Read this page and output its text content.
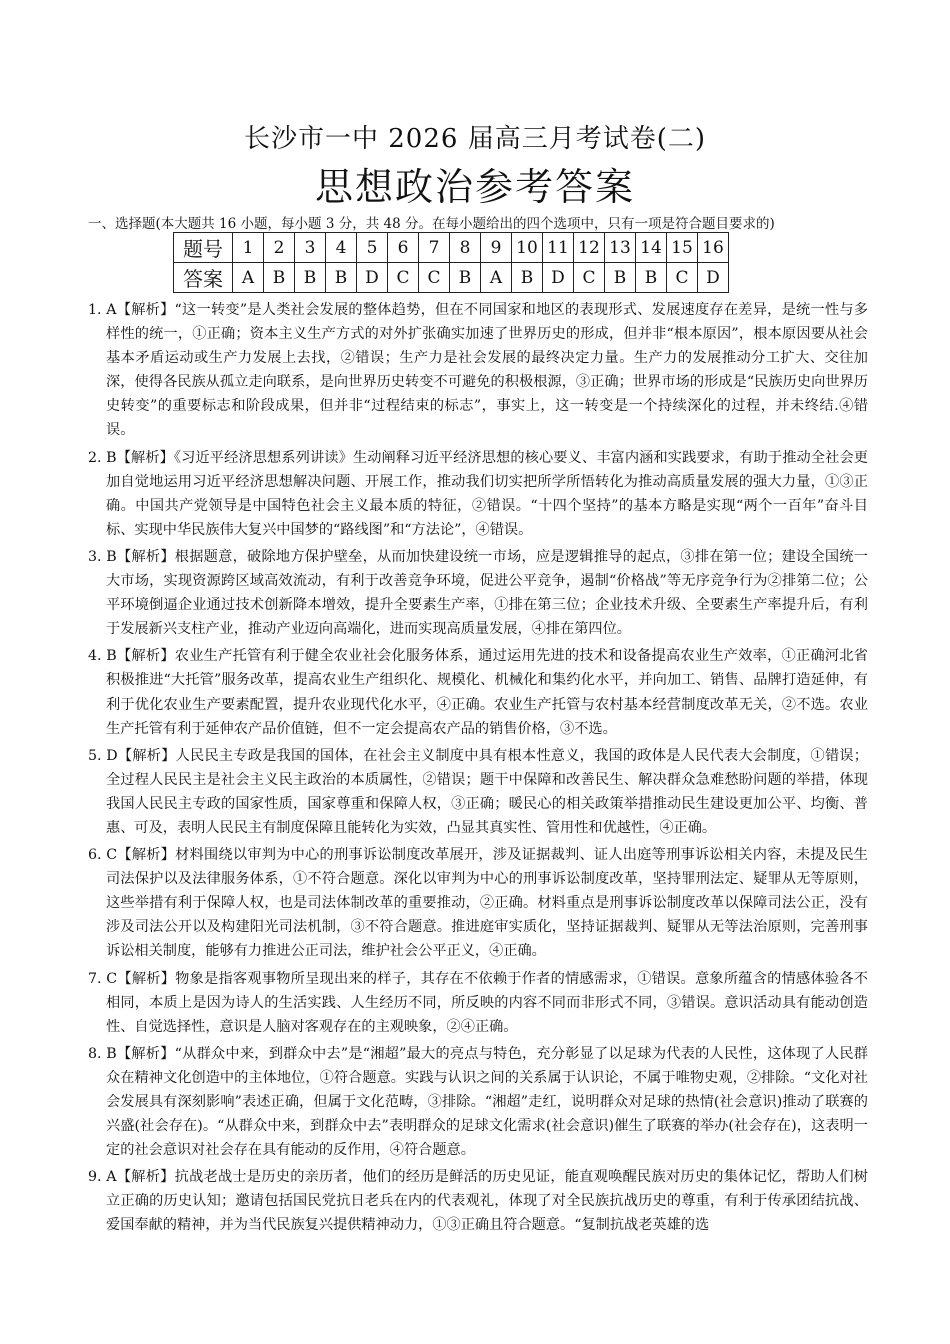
长沙市一中 2026 届高三月考试卷(二)
思想政治参考答案
一、选择题(本大题共 16 小题，每小题 3 分，共 48 分。在每小题给出的四个选项中，只有一项是符合题目要求的)
题号	1	2	3	4	5	6	7	8	9	10	11	12	13	14	15	16
答案	A	B	B	B	D	C	C	B	A	B	D	C	B	B	C	D

1. A【解析】“这一转变”是人类社会发展的整体趋势，但在不同国家和地区的表现形式、发展速度存在差异，是统一性与多样性的统一，①正确；资本主义生产方式的对外扩张确实加速了世界历史的形成，但并非“根本原因”，根本原因要从社会基本矛盾运动或生产力发展上去找，②错误；生产力是社会发展的最终决定力量。生产力的发展推动分工扩大、交往加深，使得各民族从孤立走向联系，是向世界历史转变不可避免的积极根源，③正确；世界市场的形成是“民族历史向世界历史转变”的重要标志和阶段成果，但并非“过程结束的标志”，事实上，这一转变是一个持续深化的过程，并未终结.④错误。

2. B【解析】《习近平经济思想系列讲读》生动阐释习近平经济思想的核心要义、丰富内涵和实践要求，有助于推动全社会更加自觉地运用习近平经济思想解决问题、开展工作，推动我们切实把所学所悟转化为推动高质量发展的强大力量，①③正确。中国共产党领导是中国特色社会主义最本质的特征，②错误。“十四个坚持”的基本方略是实现“两个一百年”奋斗目标、实现中华民族伟大复兴中国梦的“路线图”和“方法论”，④错误。

3. B【解析】根据题意，破除地方保护壁垒，从而加快建设统一市场，应是逻辑推导的起点，③排在第一位；建设全国统一大市场，实现资源跨区域高效流动，有利于改善竞争环境，促进公平竞争，遏制“价格战”等无序竞争行为②排第二位；公平环境倒逼企业通过技术创新降本增效，提升全要素生产率，①排在第三位；企业技术升级、全要素生产率提升后，有利于发展新兴支柱产业，推动产业迈向高端化，进而实现高质量发展，④排在第四位。

4. B【解析】农业生产托管有利于健全农业社会化服务体系，通过运用先进的技术和设备提高农业生产效率，①正确河北省积极推进“大托管”服务改革，提高农业生产组织化、规模化、机械化和集约化水平，并向加工、销售、品牌打造延伸，有利于优化农业生产要素配置，提升农业现代化水平，④正确。农业生产托管与农村基本经营制度改革无关，②不选。农业生产托管有利于延伸农产品价值链，但不一定会提高农产品的销售价格，③不选。

5. D【解析】人民民主专政是我国的国体，在社会主义制度中具有根本性意义，我国的政体是人民代表大会制度，①错误；全过程人民民主是社会主义民主政治的本质属性，②错误；题干中保障和改善民生、解决群众急难愁盼问题的举措，体现我国人民民主专政的国家性质，国家尊重和保障人权，③正确；暖民心的相关政策举措推动民生建设更加公平、均衡、普惠、可及，表明人民民主有制度保障且能转化为实效，凸显其真实性、管用性和优越性，④正确。

6. C【解析】材料围绕以审判为中心的刑事诉讼制度改革展开，涉及证据裁判、证人出庭等刑事诉讼相关内容，未提及民生司法保护以及法律服务体系，①不符合题意。深化以审判为中心的刑事诉讼制度改革，坚持罪刑法定、疑罪从无等原则，这些举措有利于保障人权，也是司法体制改革的重要推动，②正确。材料重点是刑事诉讼制度改革以保障司法公正，没有涉及司法公开以及构建阳光司法机制，③不符合题意。推进庭审实质化，坚持证据裁判、疑罪从无等法治原则，完善刑事诉讼相关制度，能够有力推进公正司法，维护社会公平正义，④正确。

7. C【解析】物象是指客观事物所呈现出来的样子，其存在不依赖于作者的情感需求，①错误。意象所蕴含的情感体验各不相同，本质上是因为诗人的生活实践、人生经历不同，所反映的内容不同而非形式不同，③错误。意识活动具有能动创造性、自觉选择性，意识是人脑对客观存在的主观映象，②④正确。

8. B【解析】“从群众中来，到群众中去”是“湘超”最大的亮点与特色，充分彰显了以足球为代表的人民性，这体现了人民群众在精神文化创造中的主体地位，①符合题意。实践与认识之间的关系属于认识论，不属于唯物史观，②排除。“文化对社会发展具有深刻影响”表述正确，但属于文化范畴，③排除。“湘超”走红，说明群众对足球的热情(社会意识)推动了联赛的兴盛(社会存在)。“从群众中来，到群众中去”表明群众的足球文化需求(社会意识)催生了联赛的举办(社会存在)，这表明一定的社会意识对社会存在具有能动的反作用，④符合题意。

9. A【解析】抗战老战士是历史的亲历者，他们的经历是鲜活的历史见证，能直观唤醒民族对历史的集体记忆，帮助人们树立正确的历史认知；邀请包括国民党抗日老兵在内的代表观礼，体现了对全民族抗战历史的尊重，有利于传承团结抗战、爱国奉献的精神，并为当代民族复兴提供精神动力，①③正确且符合题意。“复制抗战老英雄的选
